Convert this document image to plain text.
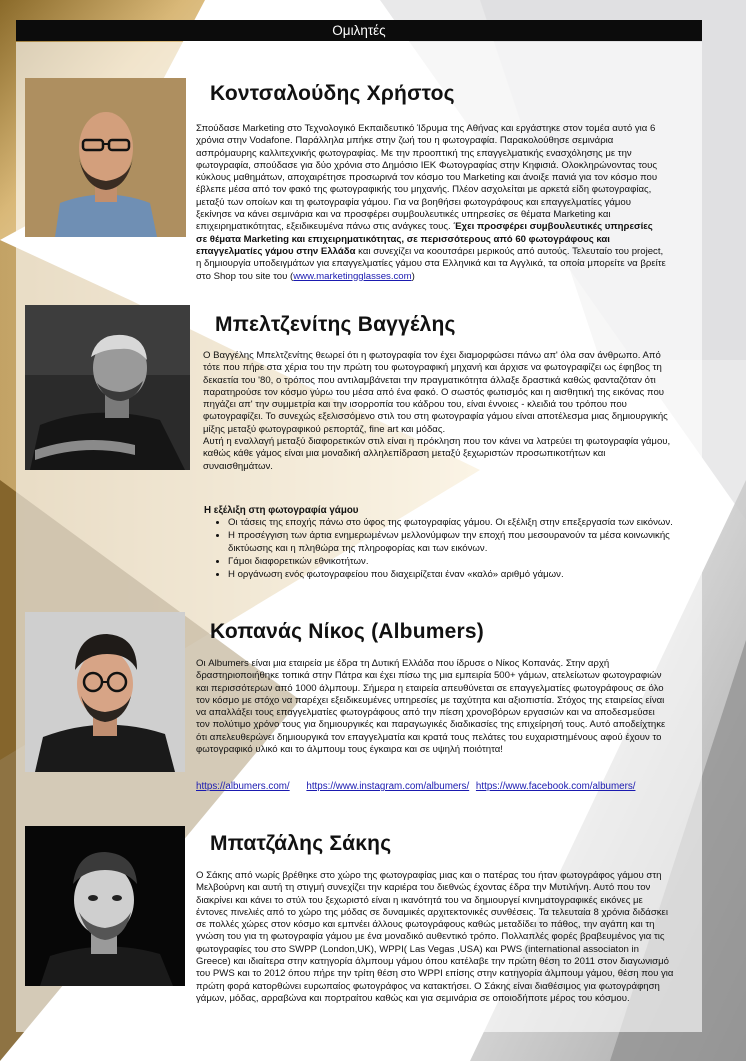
Ομιλητές
Κοντσαλούδης Χρήστος

Σπούδασε Marketing στο Τεχνολογικό Εκπαιδευτικό Ίδρυμα της Αθήνας και εργάστηκε στον τομέα αυτό για 6 χρόνια στην Vodafone. Παράλληλα μπήκε στην ζωή του η φωτογραφία. Παρακολούθησε σεμινάρια ασπρόμαυρης καλλιτεχνικής φωτογραφίας. Με την προοπτική της επαγγελματικής ενασχόλησης με την φωτογραφία, σπούδασε για δύο χρόνια στο Δημόσιο ΙΕΚ Φωτογραφίας στην Κηφισιά. Ολοκληρώνοντας τους κύκλους μαθημάτων, αποχαιρέτησε προσωρινά τον κόσμο του Marketing και άνοιξε πανιά για τον κόσμο που έβλεπε μέσα από τον φακό της φωτογραφικής του μηχανής. Πλέον ασχολείται με αρκετά είδη φωτογραφίας, μεταξύ των οποίων και τη φωτογραφία γάμου. Για να βοηθήσει φωτογράφους και επαγγελματίες γάμου ξεκίνησε να κάνει σεμινάρια και να προσφέρει συμβουλευτικές υπηρεσίες σε θέματα Marketing και επιχειρηματικότητας, εξειδικευμένα πάνω στις ανάγκες τους. Έχει προσφέρει συμβουλευτικές υπηρεσίες σε θέματα Marketing και επιχειρηματικότητας, σε περισσότερους από 60 φωτογράφους και επαγγελματίες γάμου στην Ελλάδα και συνεχίζει να κοουτσάρει μερικούς από αυτούς. Τελευταίο του project, η δημιουργία υποδειγμάτων για επαγγελματίες γάμου στα Ελληνικά και τα Αγγλικά, τα οποία μπορείτε να βρείτε στο Shop του site του (www.marketingglasses.com)

Μπελτζενίτης Βαγγέλης

Ο Βαγγέλης Μπελτζενίτης θεωρεί ότι η φωτογραφία τον έχει διαμορφώσει πάνω απ' όλα σαν άνθρωπο. Από τότε που πήρε στα χέρια του την πρώτη του φωτογραφική μηχανή και άρχισε να φωτογραφίζει ως έφηβος τη δεκαετία του '80, ο τρόπος που αντιλαμβάνεται την πραγματικότητα άλλαξε δραστικά καθώς φανταζόταν ότι παρατηρούσε τον κόσμο γύρω του μέσα από ένα φακό. Ο σωστός φωτισμός και η αισθητική της εικόνας που πηγάζει απ' την συμμετρία και την ισορροπία του κάδρου του, είναι έννοιες - κλειδιά του τρόπου που φωτογραφίζει. Το συνεχώς εξελισσόμενο στιλ του στη φωτογραφία γάμου είναι αποτέλεσμα μιας δημιουργικής μίξης μεταξύ φωτογραφικού ρεπορτάζ, fine art και μόδας.
Αυτή η εναλλαγή μεταξύ διαφορετικών στιλ είναι η πρόκληση που τον κάνει να λατρεύει τη φωτογραφία γάμου, καθώς κάθε γάμος είναι μια μοναδική αλληλεπίδραση μεταξύ ξεχωριστών προσωπικοτήτων και συναισθημάτων.

Η εξέλιξη στη φωτογραφία γάμου
• Οι τάσεις της εποχής πάνω στο ύφος της φωτογραφίας γάμου. Οι εξέλιξη στην επεξεργασία των εικόνων.
• Η προσέγγιση των άρτια ενημερωμένων μελλονύμφων την εποχή που μεσουρανούν τα μέσα κοινωνικής δικτύωσης και η πληθώρα της πληροφορίας και των εικόνων.
• Γάμοι διαφορετικών εθνικοτήτων.
• Η οργάνωση ενός φωτογραφείου που διαχειρίζεται έναν «καλό» αριθμό γάμων.
Κοπανάς Νίκος (Albumers)

Οι Albumers είναι μια εταιρεία με έδρα τη Δυτική Ελλάδα που ίδρυσε ο Νίκος Κοπανάς. Στην αρχή δραστηριοποιήθηκε τοπικά στην Πάτρα και έχει πίσω της μια εμπειρία 500+ γάμων, ατελείωτων φωτογραφιών και περισσότερων από 1000 άλμπουμ. Σήμερα η εταιρεία απευθύνεται σε επαγγελματίες φωτογράφους σε όλο τον κόσμο με στόχο να παρέχει εξειδικευμένες υπηρεσίες με ταχύτητα και αξιοπιστία. Στόχος της εταιρείας είναι να απαλλάξει τους επαγγελματίες φωτογράφους από την πίεση χρονοβόρων εργασιών και να αποδεσμεύσει τον πολύτιμο χρόνο τους για δημιουργικές και παραγωγικές διαδικασίες της επιχείρησή τους. Αυτό αποδείχτηκε ότι απελευθερώνει δημιουργικά τον επαγγελματία και κρατά τους πελάτες του ευχαριστημένους αφού έχουν το φωτογραφικό υλικό και το άλμπουμ τους έγκαιρα και σε υψηλή ποιότητα!

https://albumers.com/ https://www.instagram.com/albumers/ https://www.facebook.com/albumers/
Μπατζάλης Σάκης

Ο Σάκης από νωρίς βρέθηκε στο χώρο της φωτογραφίας μιας και ο πατέρας του ήταν φωτογράφος γάμου στη Μελβούρνη και αυτή τη στιγμή συνεχίζει την καριέρα του διεθνώς έχοντας έδρα την Μυτιλήνη. Αυτό που τον διακρίνει και κάνει το στύλ του ξεχωριστό είναι η ικανότητά του να δημιουργεί κινηματογραφικές εικόνες με έντονες πινελιές από το χώρο της μόδας σε δυναμικές αρχιτεκτονικές συνθέσεις. Τα τελευταία 8 χρόνια διδάσκει σε πολλές χώρες στον κόσμο και εμπνέει άλλους φωτογράφους καθώς μεταδίδει το πάθος, την αγάπη και τη γνώση του για τη φωτογραφία γάμου με ένα μοναδικό αυθεντικό τρόπο. Πολλαπλές φορές βραβευμένος για τις φωτογραφίες του στο SWPP (London,UK), WPPI( Las Vegas ,USA) και PWS (international associaton in Greece) και ιδιαίτερα στην κατηγορία άλμπουμ γάμου όπου κατέλαβε την πρώτη θέση το 2011 στον διαγωνισμό του PWS και το 2012 όπου πήρε την τρίτη θέση στο WPPI επίσης στην κατηγορία άλμπουμ γάμου, θέση που για πρώτη φορά κατορθώνει ευρωπαίος φωτογράφος να κατακτήσει. Ο Σάκης είναι διαθέσιμος για φωτογράφηση γάμων, μόδας, αρραβώνα και πορτραίτου καθώς και για σεμινάρια σε οποιοδήποτε μέρος του κόσμου.
